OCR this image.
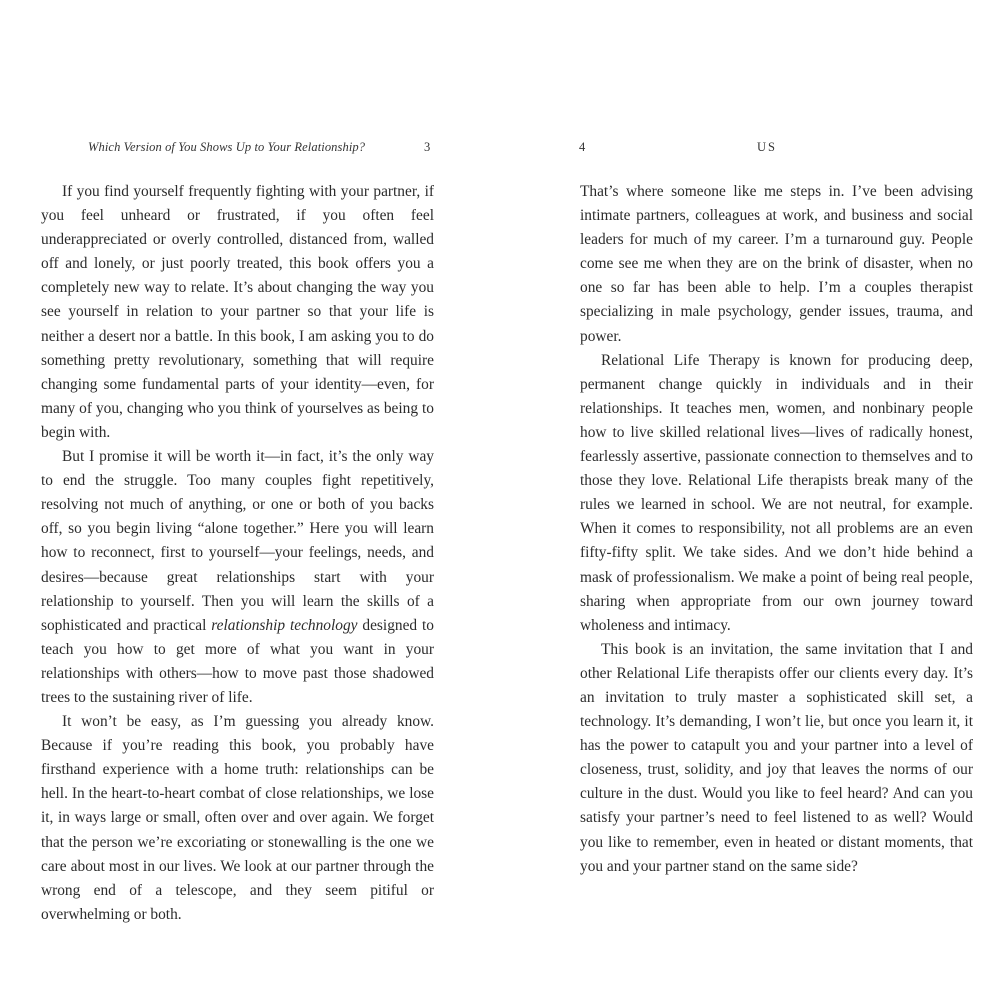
Which Version of You Shows Up to Your Relationship?	3

If you find yourself frequently fighting with your partner, if you feel unheard or frustrated, if you often feel underappreciated or overly controlled, distanced from, walled off and lonely, or just poorly treated, this book offers you a completely new way to relate. It’s about changing the way you see yourself in relation to your partner so that your life is neither a desert nor a battle. In this book, I am asking you to do something pretty revolutionary, something that will require changing some fundamental parts of your identity—even, for many of you, changing who you think of yourselves as being to begin with.

But I promise it will be worth it—in fact, it’s the only way to end the struggle. Too many couples fight repetitively, resolving not much of anything, or one or both of you backs off, so you begin living “alone together.” Here you will learn how to reconnect, first to yourself—your feelings, needs, and desires—because great relationships start with your relationship to yourself. Then you will learn the skills of a sophisticated and practical relationship technology designed to teach you how to get more of what you want in your relationships with others—how to move past those shadowed trees to the sustaining river of life.

It won’t be easy, as I’m guessing you already know. Because if you’re reading this book, you probably have firsthand experience with a home truth: relationships can be hell. In the heart-to-heart combat of close relationships, we lose it, in ways large or small, often over and over again. We forget that the person we’re excoriating or stonewalling is the one we care about most in our lives. We look at our partner through the wrong end of a telescope, and they seem pitiful or overwhelming or both.

4	US

That’s where someone like me steps in. I’ve been advising intimate partners, colleagues at work, and business and social leaders for much of my career. I’m a turnaround guy. People come see me when they are on the brink of disaster, when no one so far has been able to help. I’m a couples therapist specializing in male psychology, gender issues, trauma, and power.

Relational Life Therapy is known for producing deep, permanent change quickly in individuals and in their relationships. It teaches men, women, and nonbinary people how to live skilled relational lives—lives of radically honest, fearlessly assertive, passionate connection to themselves and to those they love. Relational Life therapists break many of the rules we learned in school. We are not neutral, for example. When it comes to responsibility, not all problems are an even fifty-fifty split. We take sides. And we don’t hide behind a mask of professionalism. We make a point of being real people, sharing when appropriate from our own journey toward wholeness and intimacy.

This book is an invitation, the same invitation that I and other Relational Life therapists offer our clients every day. It’s an invitation to truly master a sophisticated skill set, a technology. It’s demanding, I won’t lie, but once you learn it, it has the power to catapult you and your partner into a level of closeness, trust, solidity, and joy that leaves the norms of our culture in the dust. Would you like to feel heard? And can you satisfy your partner’s need to feel listened to as well? Would you like to remember, even in heated or distant moments, that you and your partner stand on the same side?
